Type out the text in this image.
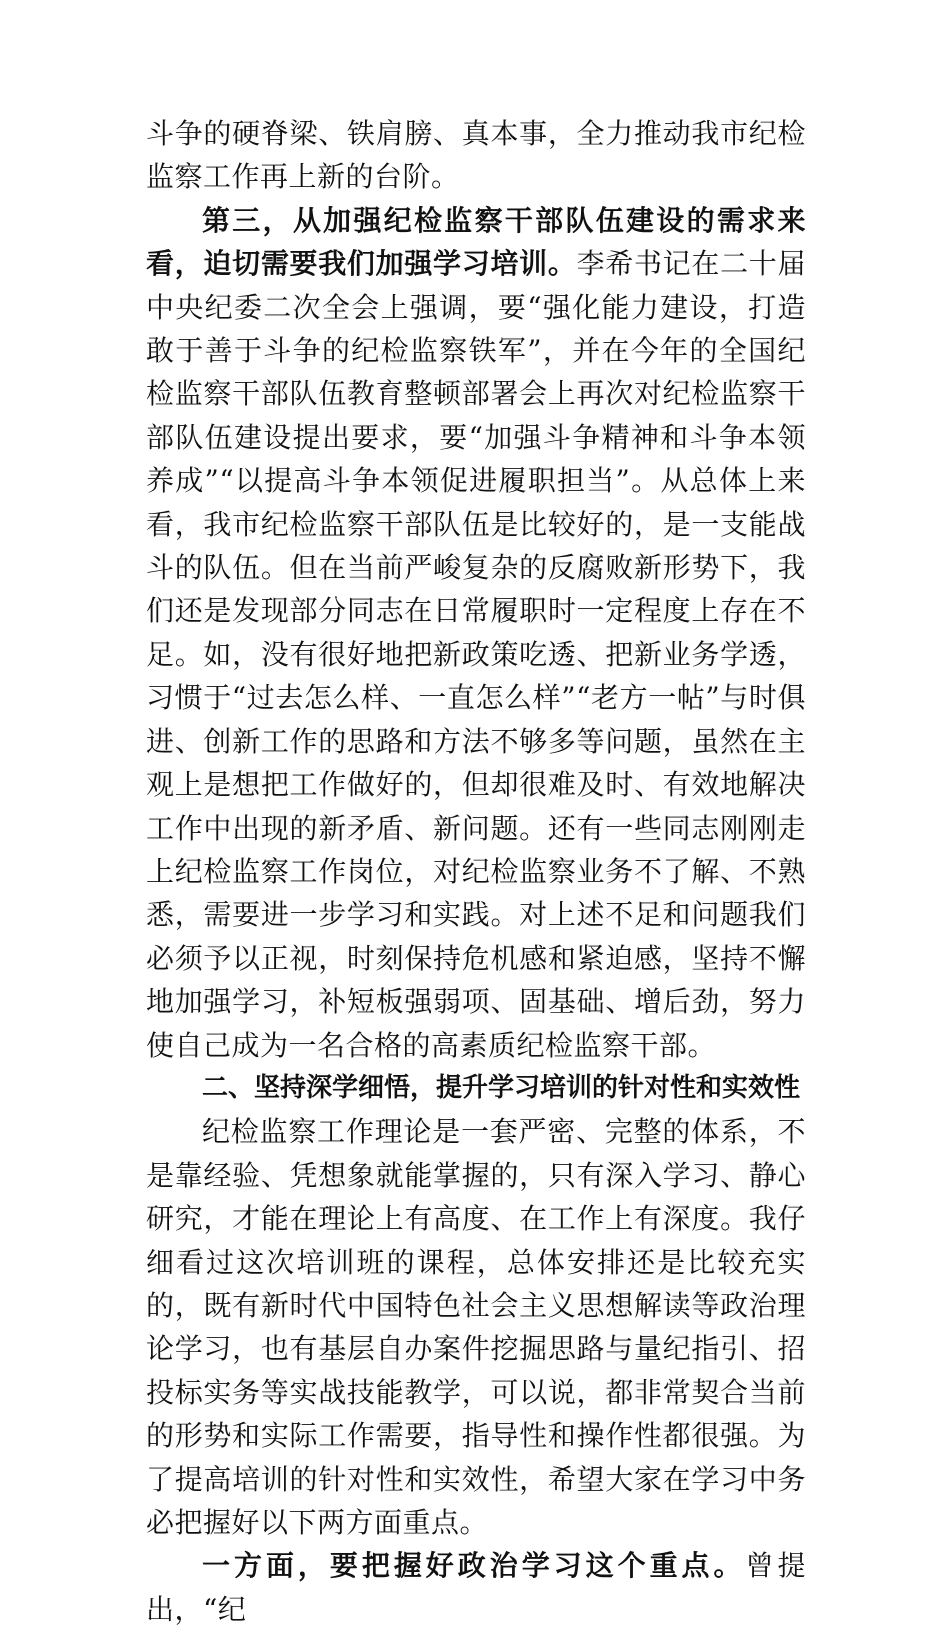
斗争的硬脊梁、铁肩膀、真本事，全力推动我市纪检监察工作再上新的台阶。

第三，从加强纪检监察干部队伍建设的需求来看，迫切需要我们加强学习培训。李希书记在二十届中央纪委二次全会上强调，要“强化能力建设，打造敢于善于斗争的纪检监察铁军”，并在今年的全国纪检监察干部队伍教育整顿部署会上再次对纪检监察干部队伍建设提出要求，要“加强斗争精神和斗争本领养成”“以提高斗争本领促进履职担当”。从总体上来看，我市纪检监察干部队伍是比较好的，是一支能战斗的队伍。但在当前严峻复杂的反腐败新形势下，我们还是发现部分同志在日常履职时一定程度上存在不足。如，没有很好地把新政策吃透、把新业务学透，习惯于“过去怎么样、一直怎么样”“老方一帖”与时俱进、创新工作的思路和方法不够多等问题，虽然在主观上是想把工作做好的，但却很难及时、有效地解决工作中出现的新矛盾、新问题。还有一些同志刚刚走上纪检监察工作岗位，对纪检监察业务不了解、不熟悉，需要进一步学习和实践。对上述不足和问题我们必须予以正视，时刻保持危机感和紧迫感，坚持不懈地加强学习，补短板强弱项、固基础、增后劲，努力使自己成为一名合格的高素质纪检监察干部。

二、坚持深学细悟，提升学习培训的针对性和实效性

纪检监察工作理论是一套严密、完整的体系，不是靠经验、凭想象就能掌握的，只有深入学习、静心研究，才能在理论上有高度、在工作上有深度。我仔细看过这次培训班的课程，总体安排还是比较充实的，既有新时代中国特色社会主义思想解读等政治理论学习，也有基层自办案件挖掘思路与量纪指引、招投标实务等实战技能教学，可以说，都非常契合当前的形势和实际工作需要，指导性和操作性都很强。为了提高培训的针对性和实效性，希望大家在学习中务必把握好以下两方面重点。

一方面，要把握好政治学习这个重点。曾提出，“纪
